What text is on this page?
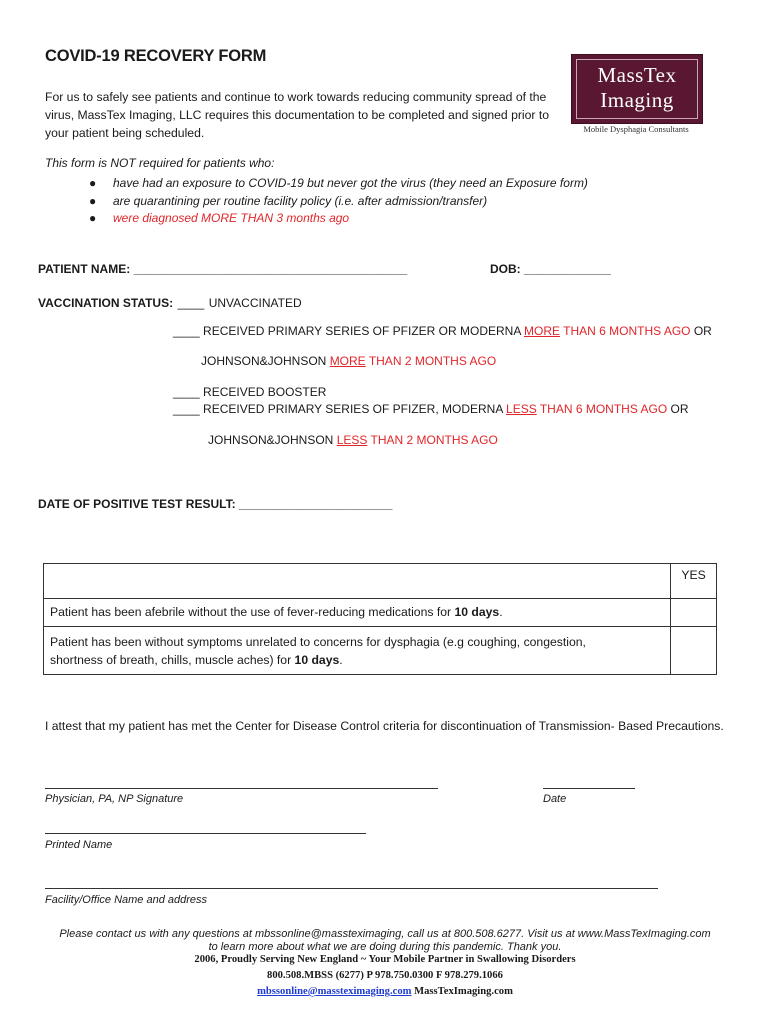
COVID-19 RECOVERY FORM
For us to safely see patients and continue to work towards reducing community spread of the virus, MassTex Imaging, LLC requires this documentation to be completed and signed prior to your patient being scheduled.
MassTex
Imaging
Mobile Dysphagia Consultants
This form is NOT required for patients who:
● have had an exposure to COVID-19 but never got the virus (they need an Exposure form)
● are quarantining per routine facility policy (i.e. after admission/transfer)
● were diagnosed MORE THAN 3 months ago
PATIENT NAME: _________________________________________	DOB: _____________
VACCINATION STATUS: ____ UNVACCINATED
____ RECEIVED PRIMARY SERIES OF PFIZER OR MODERNA MORE THAN 6 MONTHS AGO OR
JOHNSON&JOHNSON MORE THAN 2 MONTHS AGO
____ RECEIVED BOOSTER
____ RECEIVED PRIMARY SERIES OF PFIZER, MODERNA LESS THAN 6 MONTHS AGO OR
JOHNSON&JOHNSON LESS THAN 2 MONTHS AGO
DATE OF POSITIVE TEST RESULT: _______________________
	YES
Patient has been afebrile without the use of fever-reducing medications for 10 days.	
Patient has been without symptoms unrelated to concerns for dysphagia (e.g coughing, congestion, shortness of breath, chills, muscle aches) for 10 days.	
I attest that my patient has met the Center for Disease Control criteria for discontinuation of Transmission- Based Precautions.
Physician, PA, NP Signature	Date
Printed Name
Facility/Office Name and address
Please contact us with any questions at mbssonline@massteximaging, call us at 800.508.6277. Visit us at www.MassTexImaging.com
to learn more about what we are doing during this pandemic. Thank you.
2006, Proudly Serving New England ~ Your Mobile Partner in Swallowing Disorders
800.508.MBSS (6277) P 978.750.0300 F 978.279.1066
mbssonline@massteximaging.com MassTexImaging.com
